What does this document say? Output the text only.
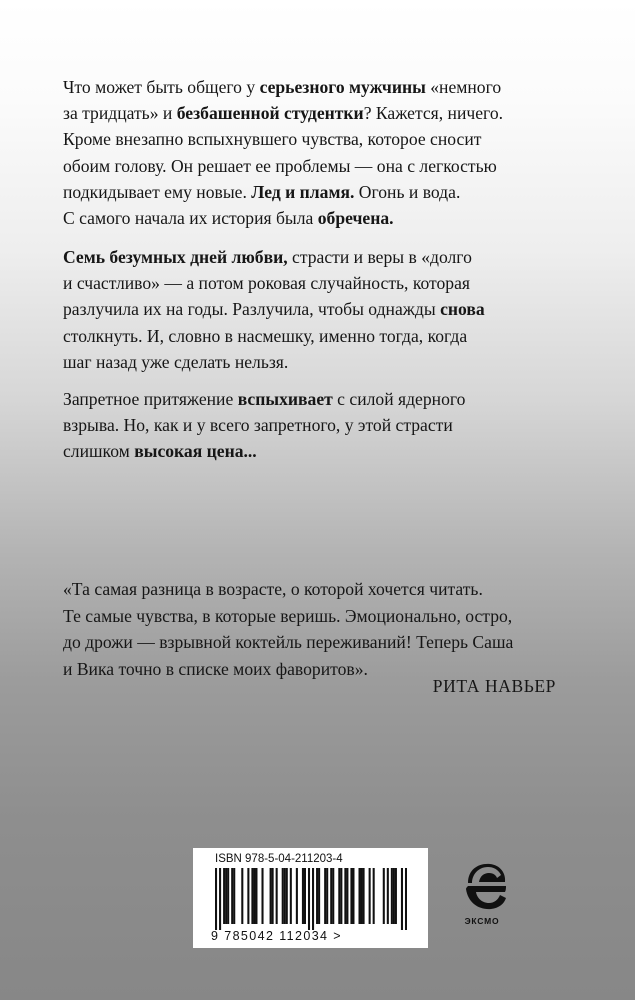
Что может быть общего у серьезного мужчины «немного
за тридцать» и безбашенной студентки? Кажется, ничего.
Кроме внезапно вспыхнувшего чувства, которое сносит
обоим голову. Он решает ее проблемы — она с легкостью
подкидывает ему новые. Лед и пламя. Огонь и вода.
С самого начала их история была обречена.
Семь безумных дней любви, страсти и веры в «долго
и счастливо» — а потом роковая случайность, которая
разлучила их на годы. Разлучила, чтобы однажды снова
столкнуть. И, словно в насмешку, именно тогда, когда
шаг назад уже сделать нельзя.
Запретное притяжение вспыхивает с силой ядерного
взрыва. Но, как и у всего запретного, у этой страсти
слишком высокая цена...
«Та самая разница в возрасте, о которой хочется читать.
Те самые чувства, в которые веришь. Эмоционально, остро,
до дрожи — взрывной коктейль переживаний! Теперь Саша
и Вика точно в списке моих фаворитов».
РИТА НАВЬЕР
ISBN 978-5-04-211203-4
9 785042 112034 >
ЭКСМО
